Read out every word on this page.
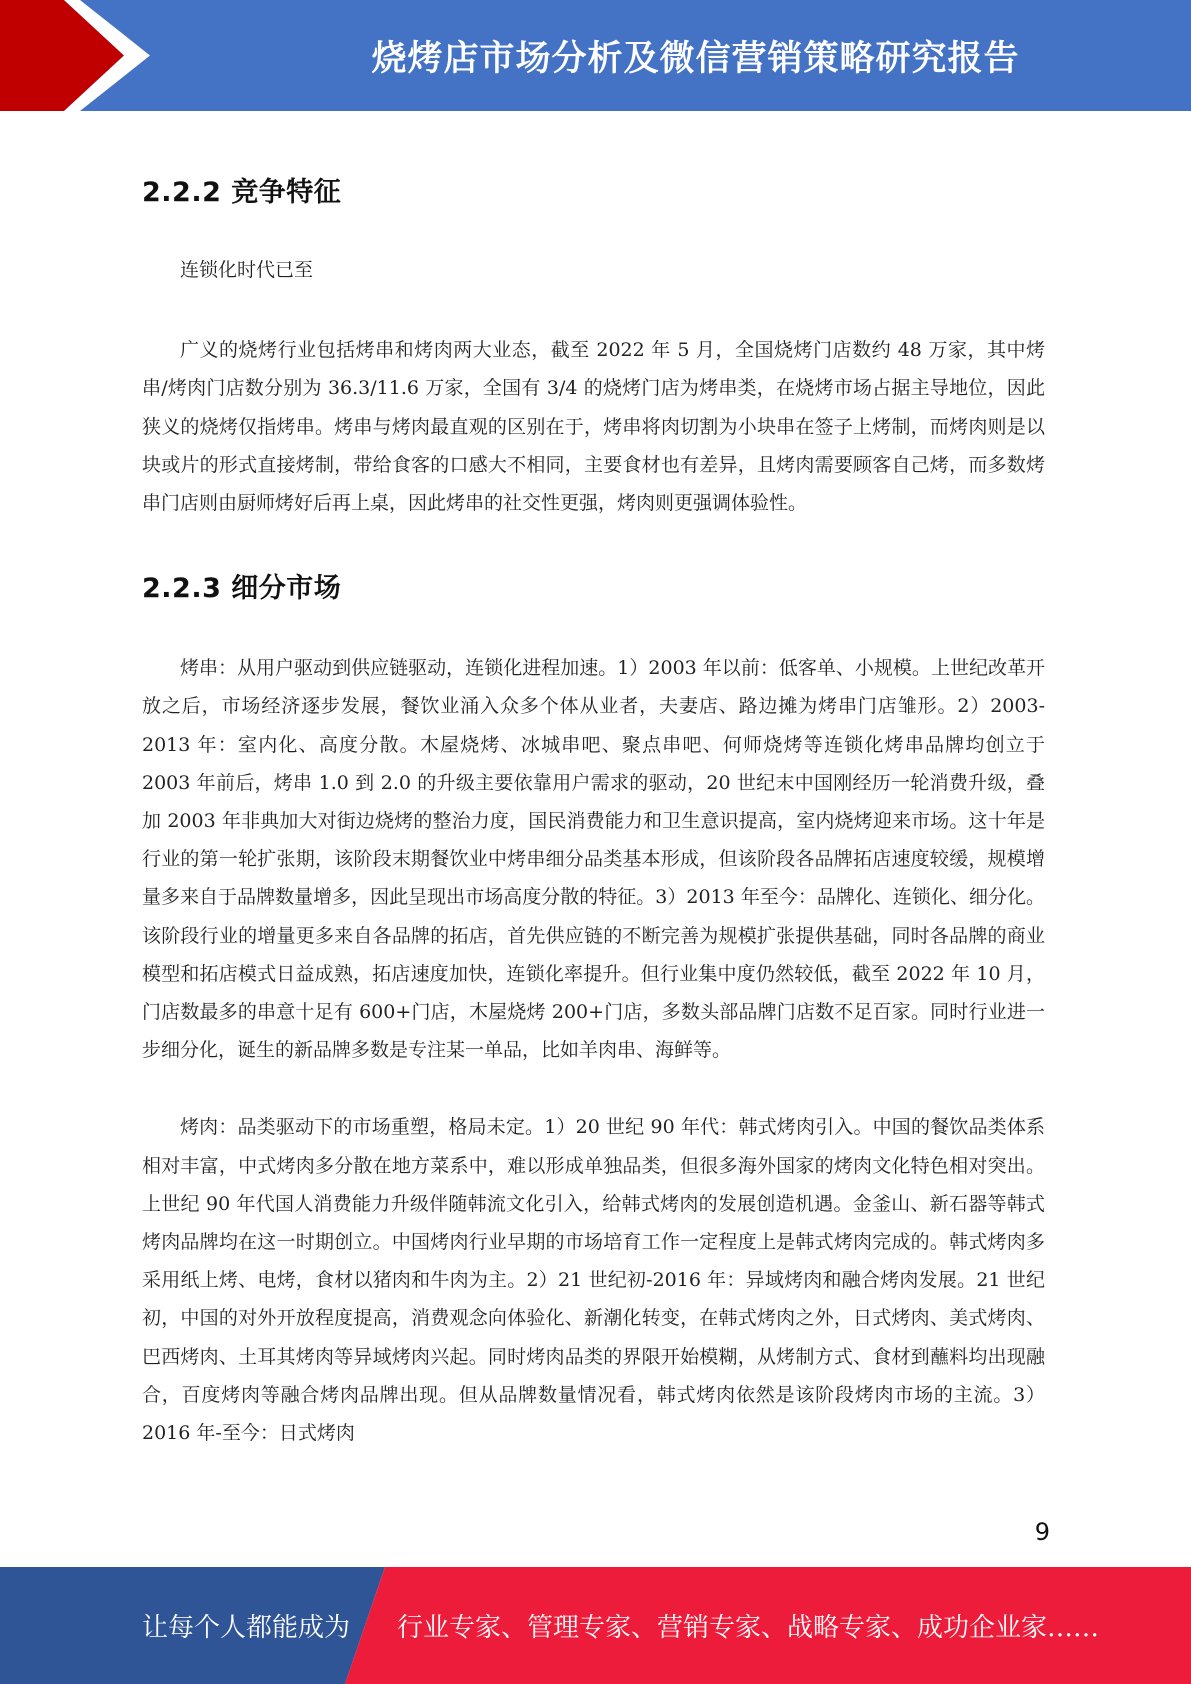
烧烤店市场分析及微信营销策略研究报告
2.2.2 竞争特征

连锁化时代已至

广义的烧烤行业包括烤串和烤肉两大业态，截至 2022 年 5 月，全国烧烤门店数约 48 万家，其中烤串/烤肉门店数分别为 36.3/11.6 万家，全国有 3/4 的烧烤门店为烤串类，在烧烤市场占据主导地位，因此狭义的烧烤仅指烤串。烤串与烤肉最直观的区别在于，烤串将肉切割为小块串在签子上烤制，而烤肉则是以块或片的形式直接烤制，带给食客的口感大不相同，主要食材也有差异，且烤肉需要顾客自己烤，而多数烤串门店则由厨师烤好后再上桌，因此烤串的社交性更强，烤肉则更强调体验性。

2.2.3 细分市场

烤串：从用户驱动到供应链驱动，连锁化进程加速。1）2003 年以前：低客单、小规模。上世纪改革开放之后，市场经济逐步发展，餐饮业涌入众多个体从业者，夫妻店、路边摊为烤串门店雏形。2）2003-2013 年：室内化、高度分散。木屋烧烤、冰城串吧、聚点串吧、何师烧烤等连锁化烤串品牌均创立于 2003 年前后，烤串 1.0 到 2.0 的升级主要依靠用户需求的驱动，20 世纪末中国刚经历一轮消费升级，叠加 2003 年非典加大对街边烧烤的整治力度，国民消费能力和卫生意识提高，室内烧烤迎来市场。这十年是行业的第一轮扩张期，该阶段末期餐饮业中烤串细分品类基本形成，但该阶段各品牌拓店速度较缓，规模增量多来自于品牌数量增多，因此呈现出市场高度分散的特征。3）2013 年至今：品牌化、连锁化、细分化。该阶段行业的增量更多来自各品牌的拓店，首先供应链的不断完善为规模扩张提供基础，同时各品牌的商业模型和拓店模式日益成熟，拓店速度加快，连锁化率提升。但行业集中度仍然较低，截至 2022 年 10 月，门店数最多的串意十足有 600+门店，木屋烧烤 200+门店，多数头部品牌门店数不足百家。同时行业进一步细分化，诞生的新品牌多数是专注某一单品，比如羊肉串、海鲜等。

烤肉：品类驱动下的市场重塑，格局未定。1）20 世纪 90 年代：韩式烤肉引入。中国的餐饮品类体系相对丰富，中式烤肉多分散在地方菜系中，难以形成单独品类，但很多海外国家的烤肉文化特色相对突出。上世纪 90 年代国人消费能力升级伴随韩流文化引入，给韩式烤肉的发展创造机遇。金釜山、新石器等韩式烤肉品牌均在这一时期创立。中国烤肉行业早期的市场培育工作一定程度上是韩式烤肉完成的。韩式烤肉多采用纸上烤、电烤，食材以猪肉和牛肉为主。2）21 世纪初-2016 年：异域烤肉和融合烤肉发展。21 世纪初，中国的对外开放程度提高，消费观念向体验化、新潮化转变，在韩式烤肉之外，日式烤肉、美式烤肉、巴西烤肉、土耳其烤肉等异域烤肉兴起。同时烤肉品类的界限开始模糊，从烤制方式、食材到蘸料均出现融合，百度烤肉等融合烤肉品牌出现。但从品牌数量情况看，韩式烤肉依然是该阶段烤肉市场的主流。3）2016 年-至今：日式烤肉

9
让每个人都能成为 行业专家、管理专家、营销专家、战略专家、成功企业家……
